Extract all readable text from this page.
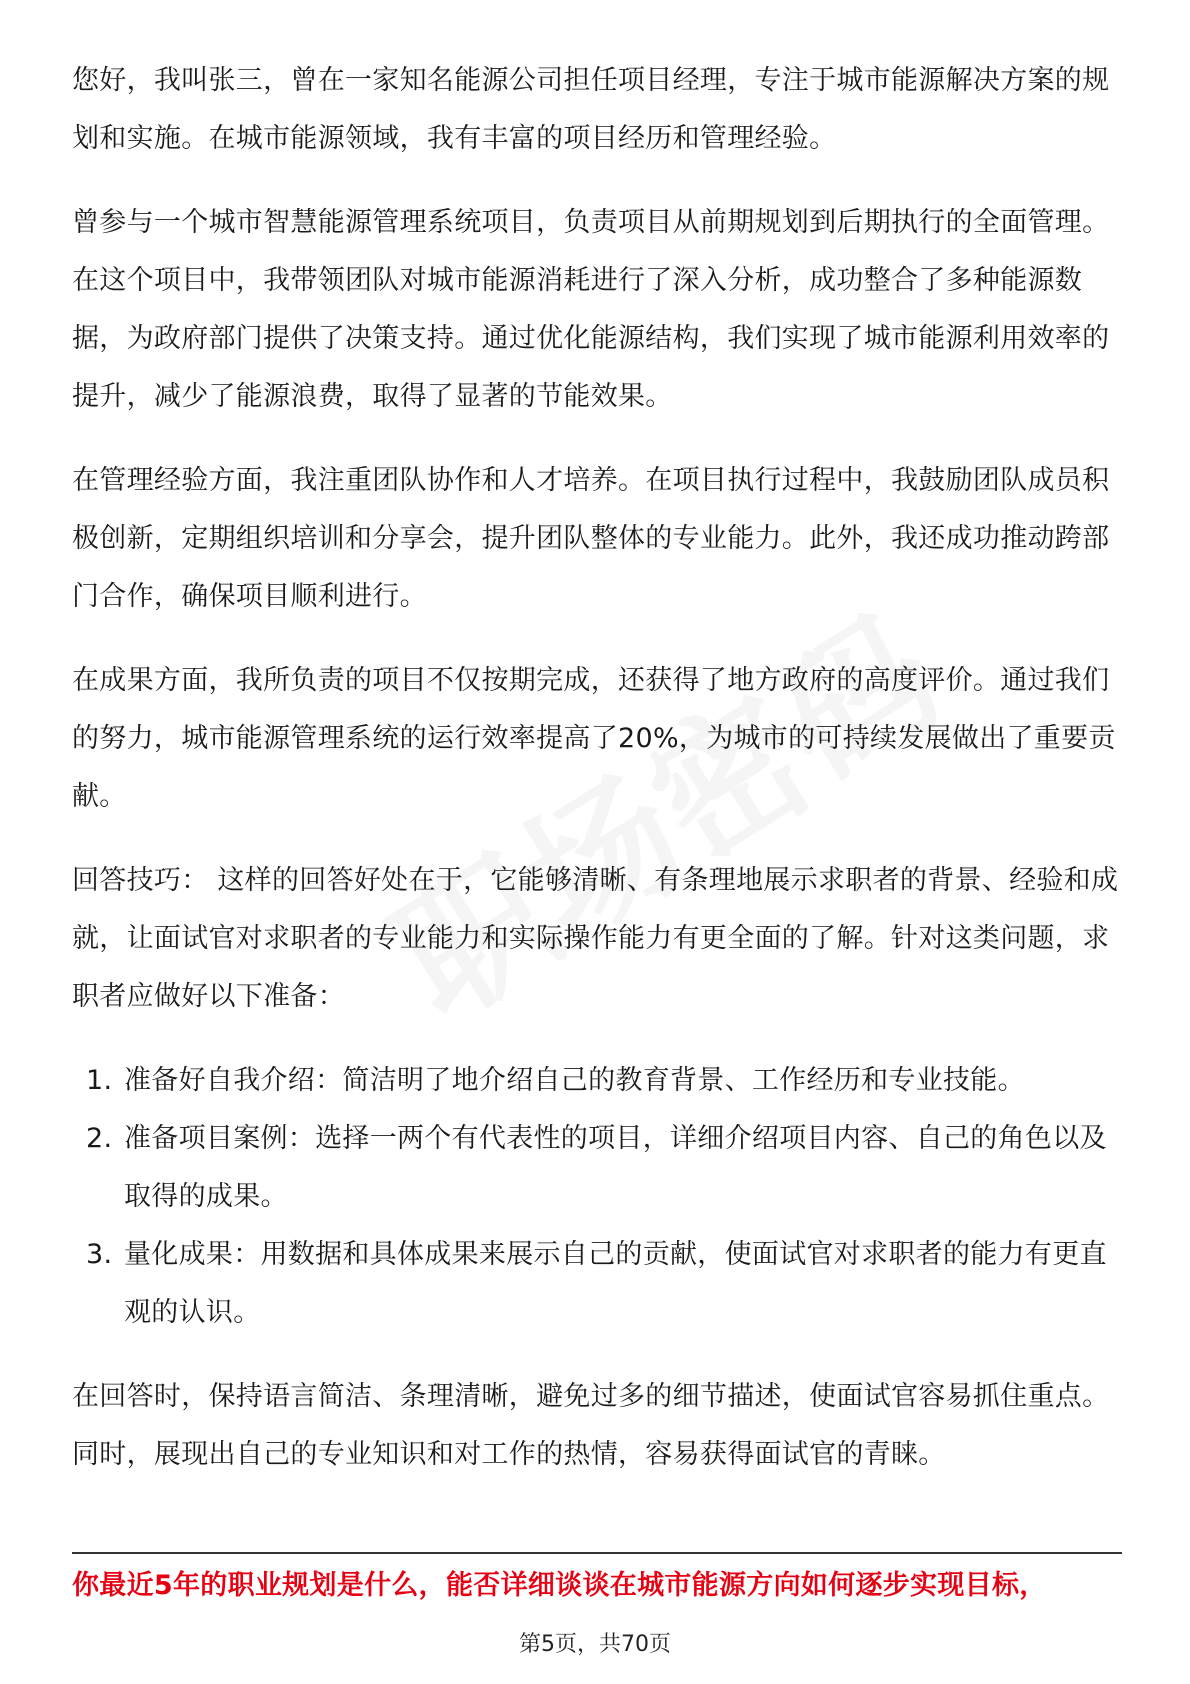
您好，我叫张三，曾在一家知名能源公司担任项目经理，专注于城市能源解决方案的规划和实施。在城市能源领域，我有丰富的项目经历和管理经验。

曾参与一个城市智慧能源管理系统项目，负责项目从前期规划到后期执行的全面管理。在这个项目中，我带领团队对城市能源消耗进行了深入分析，成功整合了多种能源数据，为政府部门提供了决策支持。通过优化能源结构，我们实现了城市能源利用效率的提升，减少了能源浪费，取得了显著的节能效果。

在管理经验方面，我注重团队协作和人才培养。在项目执行过程中，我鼓励团队成员积极创新，定期组织培训和分享会，提升团队整体的专业能力。此外，我还成功推动跨部门合作，确保项目顺利进行。

在成果方面，我所负责的项目不仅按期完成，还获得了地方政府的高度评价。通过我们的努力，城市能源管理系统的运行效率提高了20%，为城市的可持续发展做出了重要贡献。

回答技巧： 这样的回答好处在于，它能够清晰、有条理地展示求职者的背景、经验和成就，让面试官对求职者的专业能力和实际操作能力有更全面的了解。针对这类问题，求职者应做好以下准备：

1. 准备好自我介绍：简洁明了地介绍自己的教育背景、工作经历和专业技能。
2. 准备项目案例：选择一两个有代表性的项目，详细介绍项目内容、自己的角色以及取得的成果。
3. 量化成果：用数据和具体成果来展示自己的贡献，使面试官对求职者的能力有更直观的认识。

在回答时，保持语言简洁、条理清晰，避免过多的细节描述，使面试官容易抓住重点。同时，展现出自己的专业知识和对工作的热情，容易获得面试官的青睐。

你最近5年的职业规划是什么，能否详细谈谈在城市能源方向如何逐步实现目标，
第5页，共70页
